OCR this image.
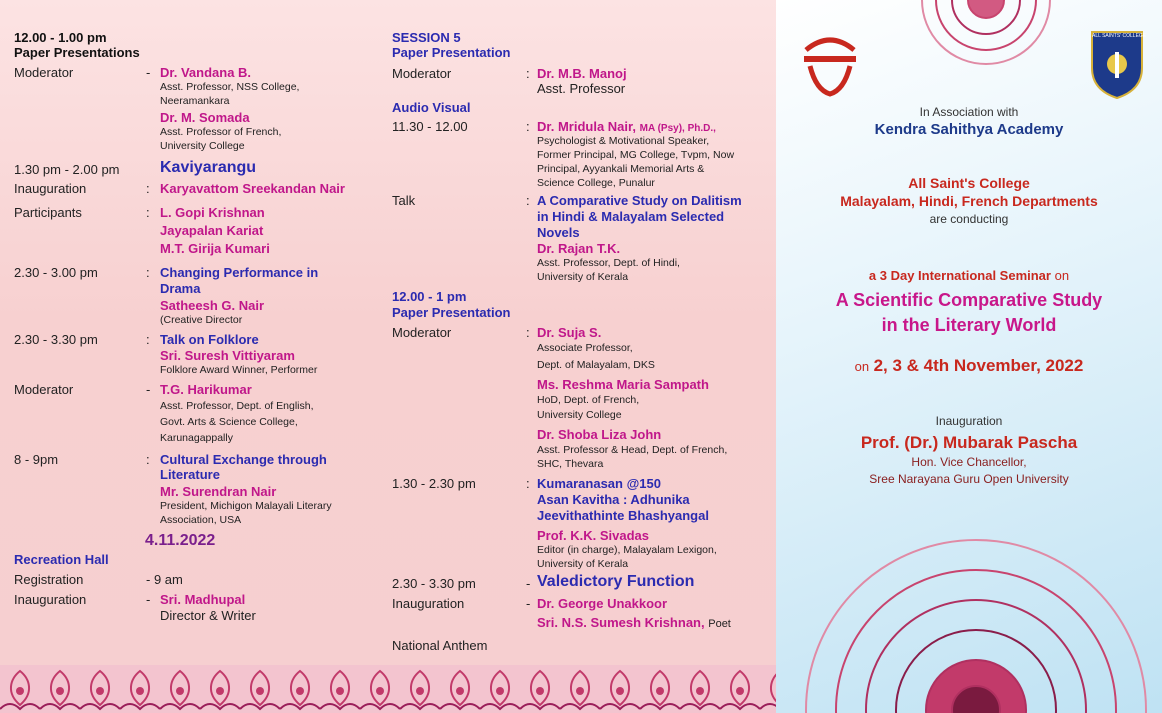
12.00 - 1.00 pm
Paper Presentations
Moderator	- Dr. Vandana B.
Asst. Professor, NSS College,
Neeramankara
Dr. M. Somada
Asst. Professor of French,
University College
1.30 pm - 2.00 pm	Kaviyarangu
Inauguration	: Karyavattom Sreekandan Nair
Participants	: L. Gopi Krishnan
Jayapalan Kariat
M.T. Girija Kumari
2.30 - 3.00 pm	: Changing Performance in
Drama
Satheesh G. Nair
(Creative Director
2.30 - 3.30 pm	: Talk on Folklore
Sri. Suresh Vittiyaram
Folklore Award Winner, Performer
Moderator	- T.G. Harikumar
Asst. Professor, Dept. of English,
Govt. Arts & Science College,
Karunagappally
8 - 9pm	: Cultural Exchange through
Literature
Mr. Surendran Nair
President, Michigon Malayali Literary
Association, USA
4.11.2022
Recreation Hall
Registration	- 9 am
Inauguration	- Sri. Madhupal
Director & Writer
SESSION 5
Paper Presentation
Moderator	: Dr. M.B. Manoj
Asst. Professor
Audio Visual
11.30 - 12.00	: Dr. Mridula Nair, MA (Psy), Ph.D.,
Psychologist & Motivational Speaker,
Former Principal, MG College, Tvpm, Now
Principal, Ayyankali Memorial Arts &
Science College, Punalur
Talk	: A Comparative Study on Dalitism
in Hindi & Malayalam Selected
Novels
Dr. Rajan T.K.
Asst. Professor, Dept. of Hindi,
University of Kerala
12.00 - 1 pm
Paper Presentation
Moderator	: Dr. Suja S.
Associate Professor,
Dept. of Malayalam, DKS
Ms. Reshma Maria Sampath
HoD, Dept. of French,
University College
Dr. Shoba Liza John
Asst. Professor & Head, Dept. of French,
SHC, Thevara
1.30 - 2.30 pm	: Kumaranasan @150
Asan Kavitha : Adhunika
Jeevithathinte Bhashyangal
Prof. K.K. Sivadas
Editor (in charge), Malayalam Lexigon,
University of Kerala
2.30 - 3.30 pm	- Valedictory Function
Inauguration	- Dr. George Unakkoor
Sri. N.S. Sumesh Krishnan, Poet
National Anthem
ALL SAINTS' COLLEGE
In Association with
Kendra Sahithya Academy
All Saint's College
Malayalam, Hindi, French Departments
are conducting
a 3 Day International Seminar on
A Scientific Comparative Study
in the Literary World
on 2, 3 & 4th November, 2022
Inauguration
Prof. (Dr.) Mubarak Pascha
Hon. Vice Chancellor,
Sree Narayana Guru Open University
